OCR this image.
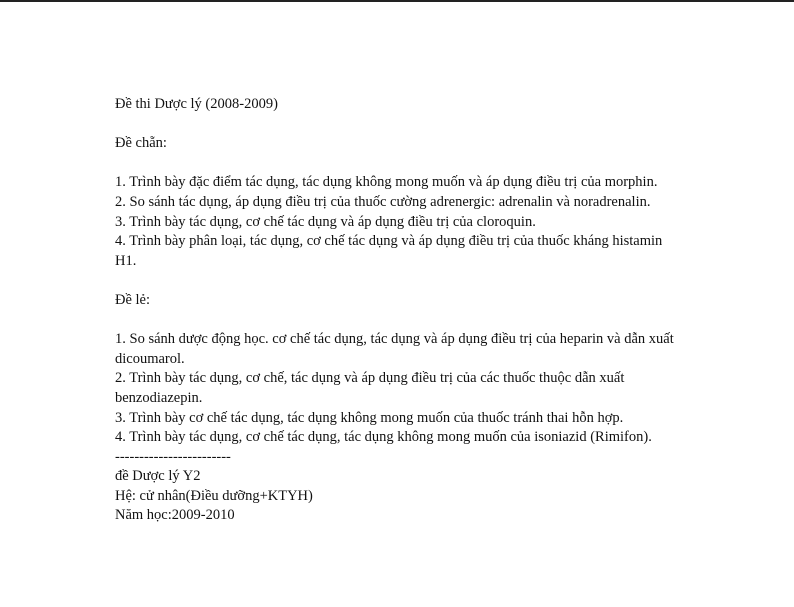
Đề thi Dược lý (2008-2009)
Đề chẵn:
1. Trình bày đặc điểm tác dụng, tác dụng không mong muốn và áp dụng điều trị của morphin.
2. So sánh tác dụng, áp dụng điều trị của thuốc cường adrenergic: adrenalin và noradrenalin.
3. Trình bày tác dụng, cơ chế tác dụng và áp dụng điều trị của cloroquin.
4. Trình bày phân loại, tác dụng, cơ chế tác dụng và áp dụng điều trị của thuốc kháng histamin H1.
Đề lẻ:
1. So sánh dược động học. cơ chế tác dụng, tác dụng và áp dụng điều trị của heparin và dẫn xuất dicoumarol.
2. Trình bày tác dụng, cơ chế, tác dụng và áp dụng điều trị của các thuốc thuộc dẫn xuất benzodiazepin.
3. Trình bày cơ chế tác dụng, tác dụng không mong muốn của thuốc tránh thai hỗn hợp.
4. Trình bày tác dụng, cơ chế tác dụng, tác dụng không mong muốn của isoniazid (Rimifon).
------------------------
đề Dược lý Y2
Hệ: cử nhân(Điều dưỡng+KTYH)
Năm học:2009-2010
